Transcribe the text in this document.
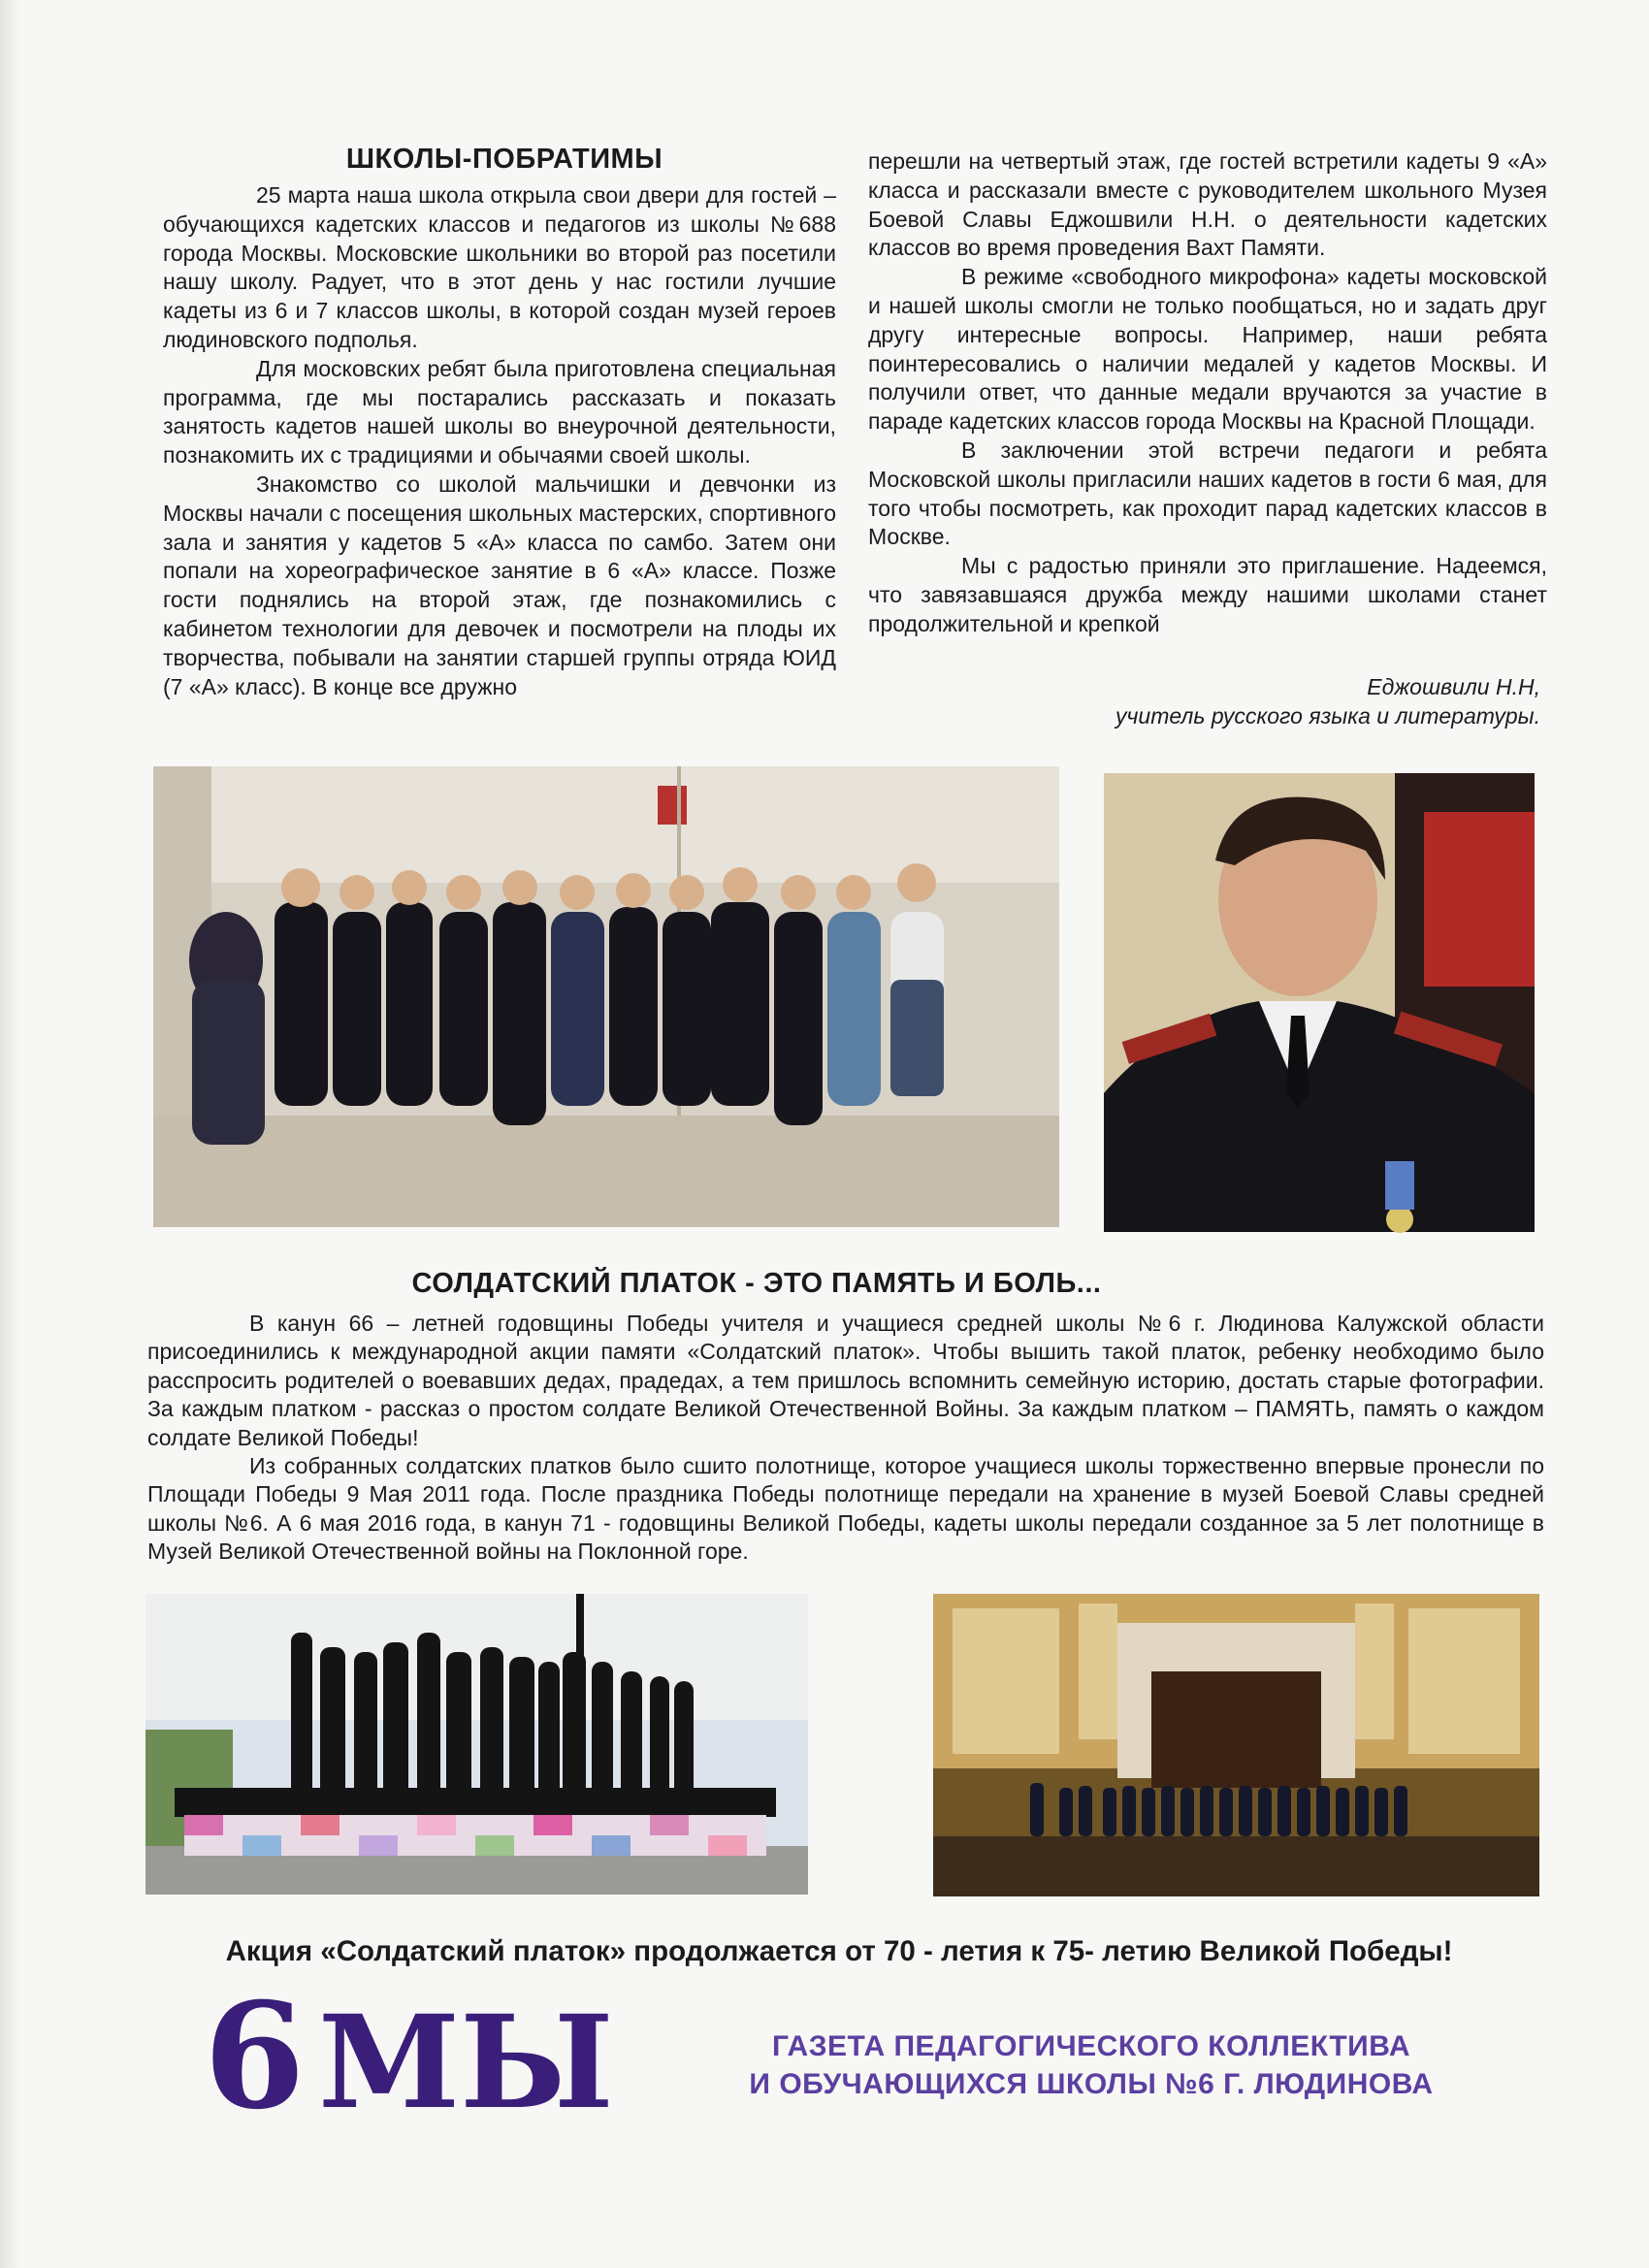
ШКОЛЫ-ПОБРАТИМЫ

25 марта наша школа открыла свои двери для гостей – обучающихся кадетских классов и педагогов из школы №688 города Москвы. Московские школьники во второй раз посетили нашу школу. Радует, что в этот день у нас гостили лучшие кадеты из 6 и 7 классов школы, в которой создан музей героев людиновского подполья.

Для московских ребят была приготовлена специальная программа, где мы постарались рассказать и показать занятость кадетов нашей школы во внеурочной деятельности, познакомить их с традициями и обычаями своей школы.

Знакомство со школой мальчишки и девчонки из Москвы начали с посещения школьных мастерских, спортивного зала и занятия у кадетов 5 «А» класса по самбо. Затем они попали на хореографическое занятие в 6 «А» классе. Позже гости поднялись на второй этаж, где познакомились с кабинетом технологии для девочек и посмотрели на плоды их творчества, побывали на занятии старшей группы отряда ЮИД (7 «А» класс). В конце все дружно

перешли на четвертый этаж, где гостей встретили кадеты 9 «А» класса и рассказали вместе с руководителем школьного Музея Боевой Славы Еджошвили Н.Н. о деятельности кадетских классов во время проведения Вахт Памяти.

В режиме «свободного микрофона» кадеты московской и нашей школы смогли не только пообщаться, но и задать друг другу интересные вопросы. Например, наши ребята поинтересовались о наличии медалей у кадетов Москвы. И получили ответ, что данные медали вручаются за участие в параде кадетских классов города Москвы на Красной Площади.

В заключении этой встречи педагоги и ребята Московской школы пригласили наших кадетов в гости 6 мая, для того чтобы посмотреть, как проходит парад кадетских классов в Москве.

Мы с радостью приняли это приглашение. Надеемся, что завязавшаяся дружба между нашими школами станет продолжительной и крепкой

Еджошвили Н.Н,
учитель русского языка и литературы.
СОЛДАТСКИЙ ПЛАТОК - ЭТО ПАМЯТЬ И БОЛЬ...

В канун 66 – летней годовщины Победы учителя и учащиеся средней школы №6 г. Людинова Калужской области присоединились к международной акции памяти «Солдатский платок». Чтобы вышить такой платок, ребенку необходимо было расспросить родителей о воевавших дедах, прадедах, а тем пришлось вспомнить семейную историю, достать старые фотографии. За каждым платком - рассказ о простом солдате Великой Отечественной Войны. За каждым платком – ПАМЯТЬ, память о каждом солдате Великой Победы!

Из собранных солдатских платков было сшито полотнище, которое учащиеся школы торжественно впервые пронесли по Площади Победы 9 Мая 2011 года. После праздника Победы полотнище передали на хранение в музей Боевой Славы средней школы №6. А 6 мая 2016 года, в канун 71 - годовщины Великой Победы, кадеты школы передали созданное за 5 лет полотнище в Музей Великой Отечественной войны на Поклонной горе.

Акция «Солдатский платок» продолжается от 70 - летия к 75- летию Великой Победы!
6 МЫ	ГАЗЕТА ПЕДАГОГИЧЕСКОГО КОЛЛЕКТИВА
И ОБУЧАЮЩИХСЯ ШКОЛЫ №6 Г. ЛЮДИНОВА
